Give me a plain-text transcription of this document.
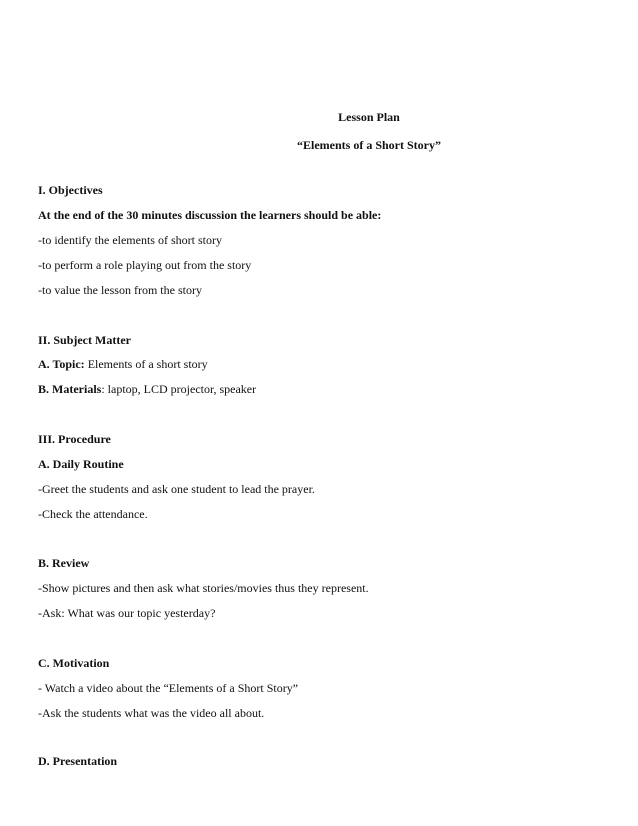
Lesson Plan
“Elements of a Short Story”
I. Objectives
At the end of the 30 minutes discussion the learners should be able:
-to identify the elements of short story
-to perform a role playing out from the story
-to value the lesson from the story
II. Subject Matter
A. Topic: Elements of a short story
B. Materials: laptop, LCD projector, speaker
III. Procedure
A. Daily Routine
-Greet the students and ask one student to lead the prayer.
-Check the attendance.
B. Review
-Show pictures and then ask what stories/movies thus they represent.
-Ask: What was our topic yesterday?
C. Motivation
- Watch a video about the “Elements of a Short Story”
-Ask the students what was the video all about.
D. Presentation
